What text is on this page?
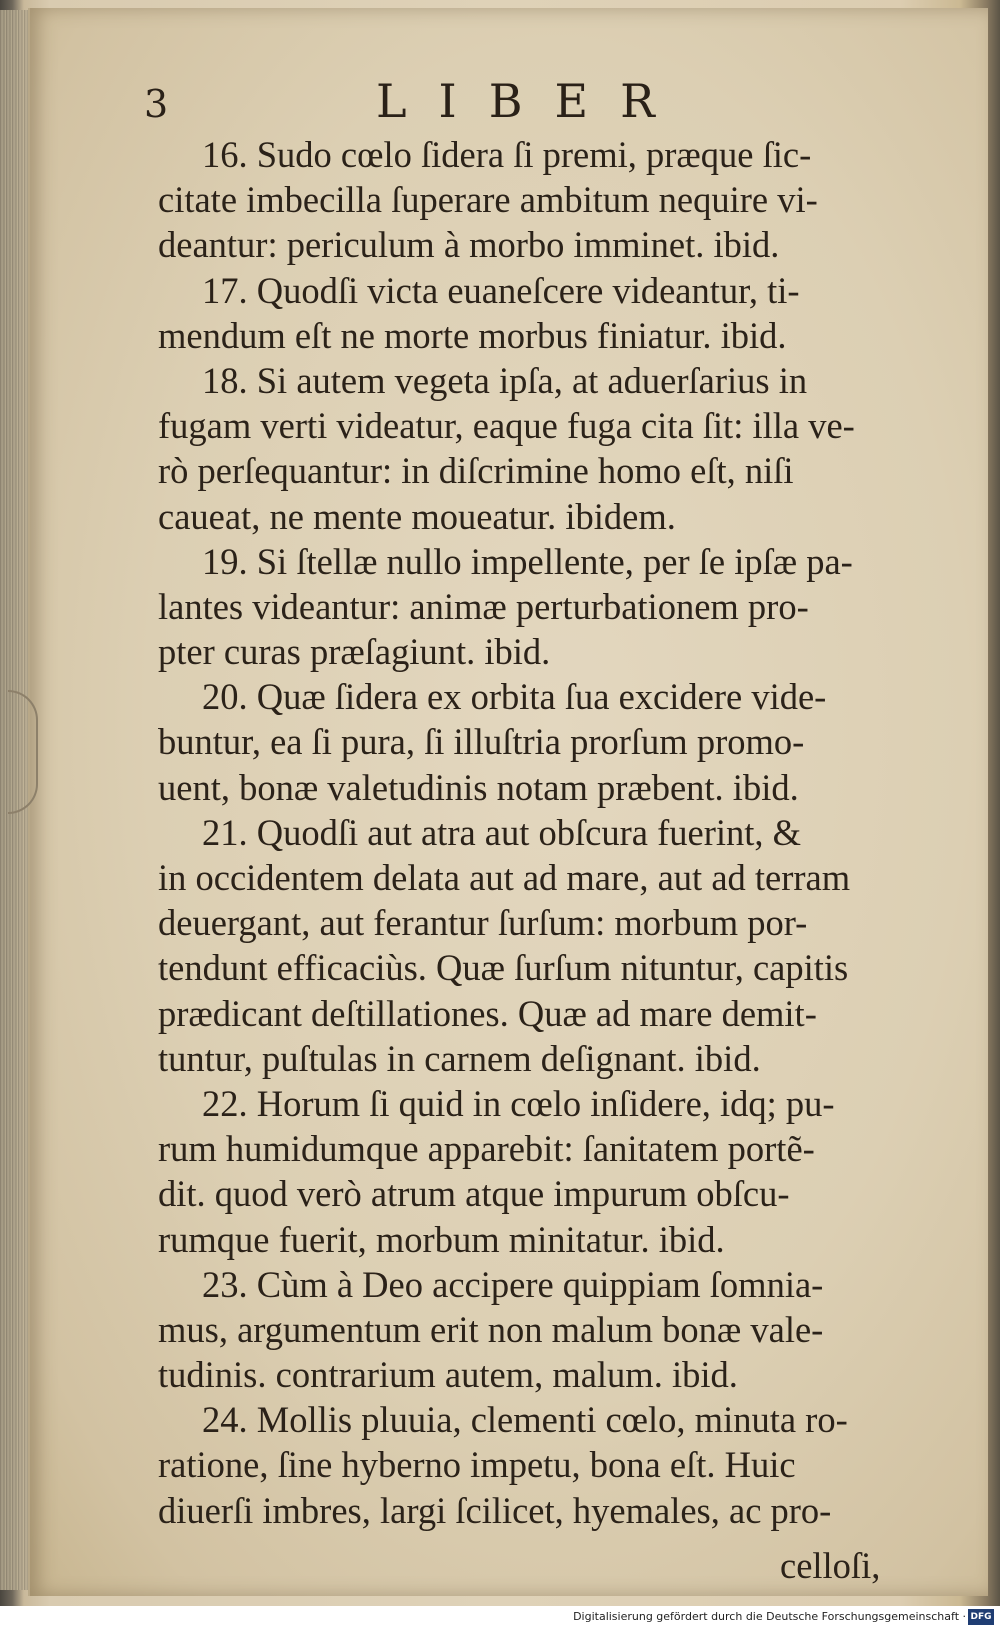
3	LIBER
16. Sudo cœlo ſidera ſi premi, præque ſic-
citate imbecilla ſuperare ambitum nequire vi-
deantur: periculum à morbo imminet. ibid.
17. Quodſi victa euaneſcere videantur, ti-
mendum eſt ne morte morbus finiatur. ibid.
18. Si autem vegeta ipſa, at aduerſarius in
fugam verti videatur, eaque fuga cita ſit: illa ve-
rò perſequantur: in diſcrimine homo eſt, niſi
caueat, ne mente moueatur. ibidem.
19. Si ſtellæ nullo impellente, per ſe ipſæ pa-
lantes videantur: animæ perturbationem pro-
pter curas præſagiunt. ibid.
20. Quæ ſidera ex orbita ſua excidere vide-
buntur, ea ſi pura, ſi illuſtria prorſum promo-
uent, bonæ valetudinis notam præbent. ibid.
21. Quodſi aut atra aut obſcura fuerint, &
in occidentem delata aut ad mare, aut ad terram
deuergant, aut ferantur ſurſum: morbum por-
tendunt efficaciùs. Quæ ſurſum nituntur, capitis
prædicant deſtillationes. Quæ ad mare demit-
tuntur, puſtulas in carnem deſignant. ibid.
22. Horum ſi quid in cœlo inſidere, idq; pu-
rum humidumque apparebit: ſanitatem portẽ-
dit. quod verò atrum atque impurum obſcu-
rumque fuerit, morbum minitatur. ibid.
23. Cùm à Deo accipere quippiam ſomnia-
mus, argumentum erit non malum bonæ vale-
tudinis. contrarium autem, malum. ibid.
24. Mollis pluuia, clementi cœlo, minuta ro-
ratione, ſine hyberno impetu, bona eſt. Huic
diuerſi imbres, largi ſcilicet, hyemales, ac pro-
celloſi,
Digitalisierung gefördert durch die Deutsche Forschungsgemeinschaft · DFG
